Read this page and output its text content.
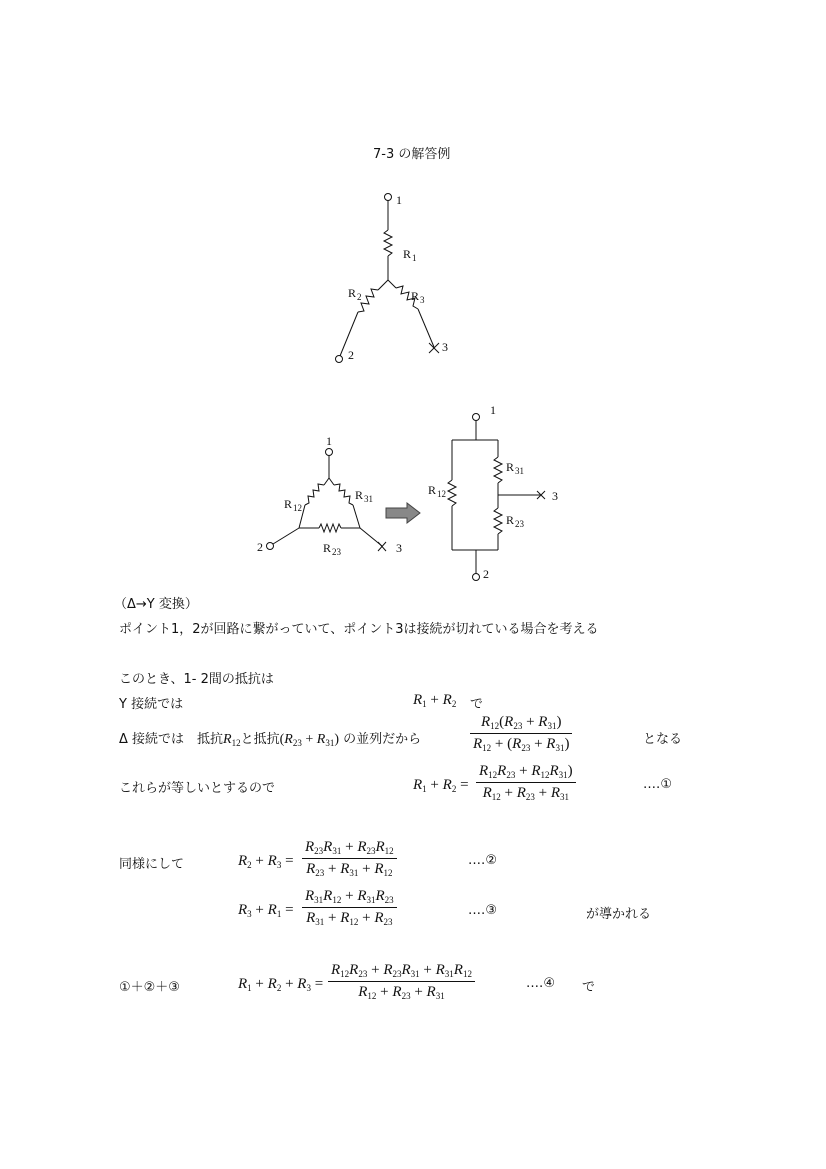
7-3 の解答例
1
R 1
R 2	R 3
2
3
1
R 12
R 31
R 23
2	3
1
3
2
R 12
R 31
R 23
（Δ→Y 変換）
ポイント1，2が回路に繋がっていて、ポイント3は接続が切れている場合を考える
このとき、1‐ 2間の抵抗は
Y 接続では	$R_1 + R_2$ で
Δ 接続では　抵抗$R_{12}$と抵抗$(R_{23} + R_{31})$ の並列だから
$R_{12}(R_{23} + R_{31})$
$R_{12} + (R_{23} + R_{31})$	となる
これらが等しいとするので	$R_1 + R_2$ =
$R_{12}R_{23} + R_{12}R_{31}$)
$R_{12} + R_{23} + R_{31}$
‥‥①
同様にして	$R_2 + R_3$ =
$R_{23}R_{31} + R_{23}R_{12}$
$R_{23} + R_{31} + R_{12}$
‥‥②
$R_3 + R_1$ =
$R_{31}R_{12} + R_{31}R_{23}$
$R_{31} + R_{12} + R_{23}$
‥‥③	が導かれる
①＋②＋③	$R_1 + R_2 + R_3$ =
$R_{12}R_{23} + R_{23}R_{31} + R_{31}R_{12}$
$R_{12} + R_{23} + R_{31}$
‥‥④ で
